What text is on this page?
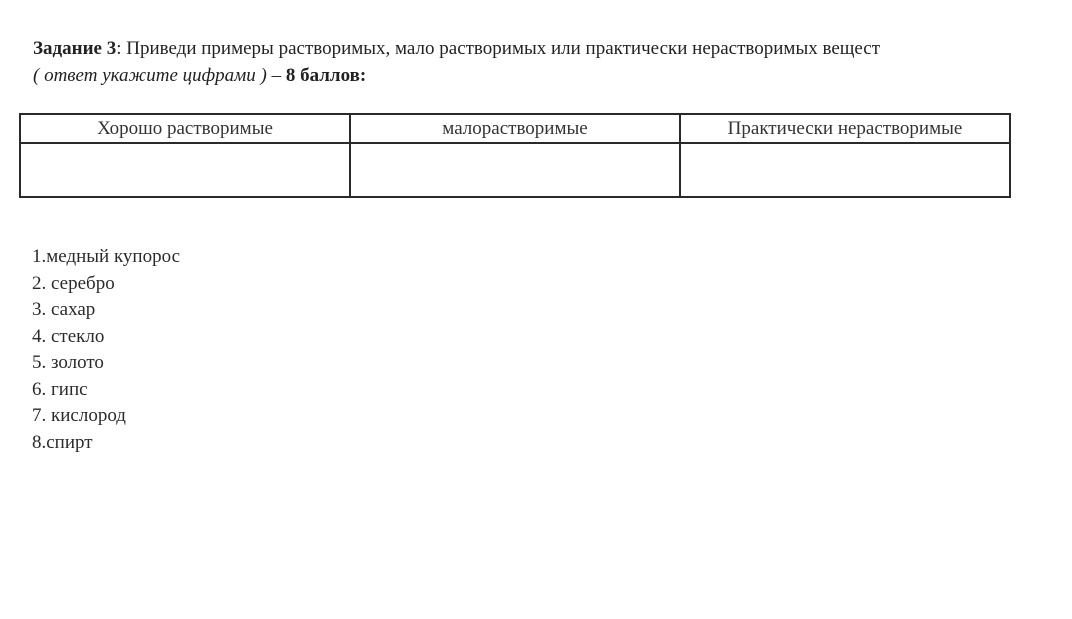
Задание 3: Приведи примеры растворимых, мало растворимых или практически нерастворимых вещест
( ответ укажите цифрами ) – 8 баллов:
Хорошо растворимые	малорастворимые	Практически нерастворимые

1.медный купорос
2. серебро
3. сахар
4. стекло
5. золото
6. гипс
7. кислород
8.спирт
